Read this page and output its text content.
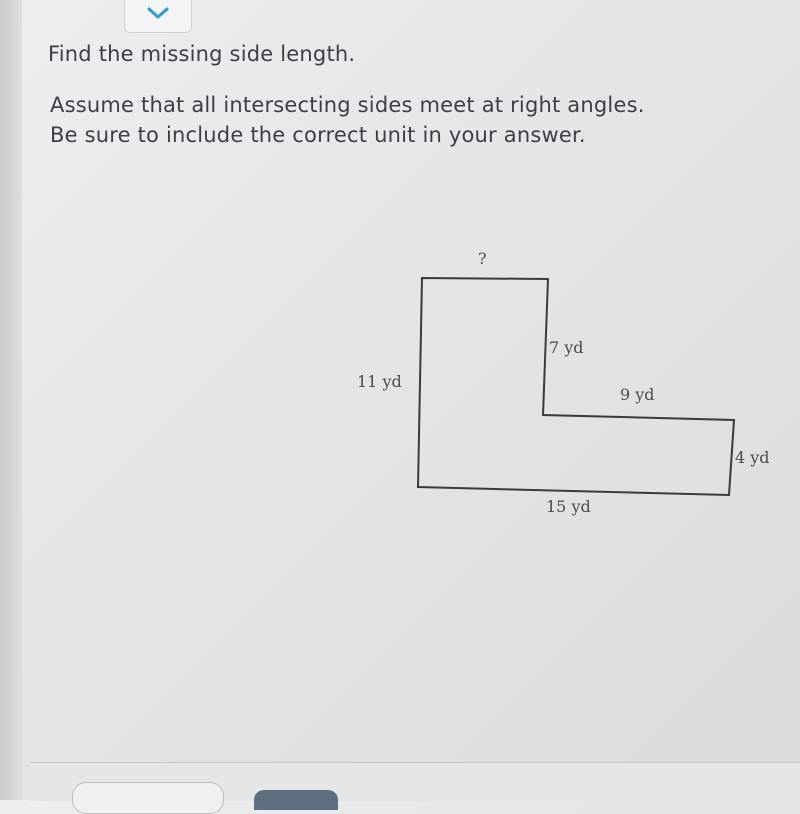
Find the missing side length.
Assume that all intersecting sides meet at right angles.
Be sure to include the correct unit in your answer.
?
11 yd
7 yd
9 yd
4 yd
15 yd
